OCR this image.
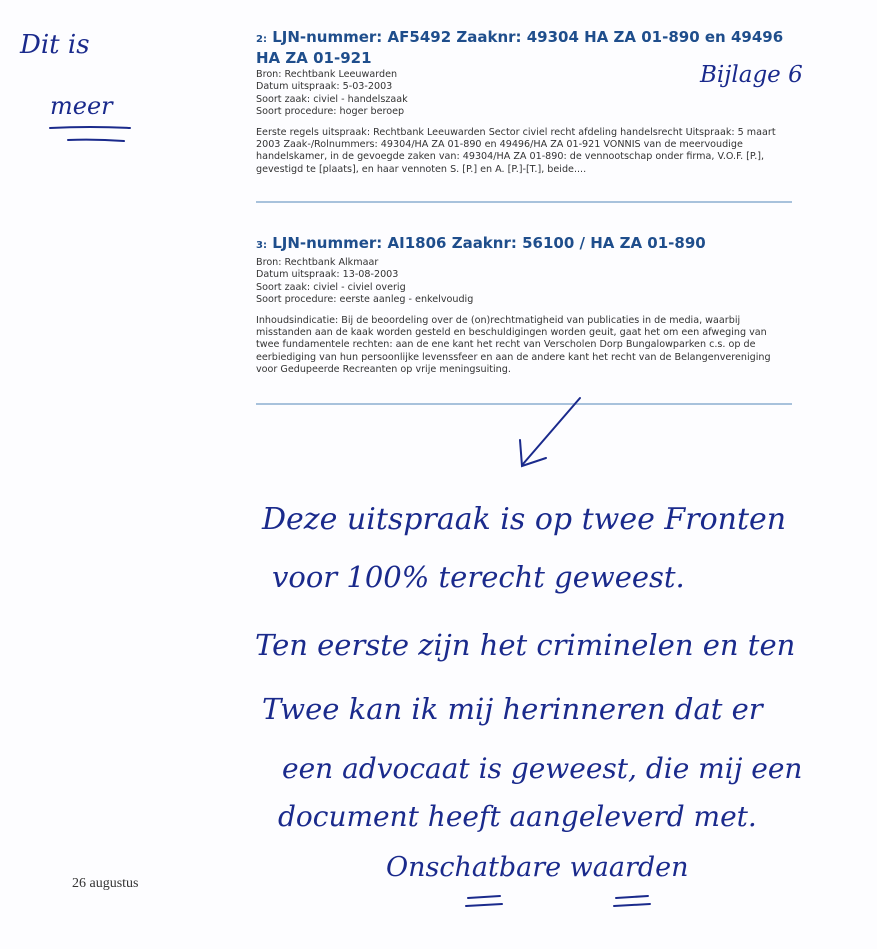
2: LJN-nummer: AF5492 Zaaknr: 49304 HA ZA 01-890 en 49496 HA ZA 01-921
Bron: Rechtbank Leeuwarden
Datum uitspraak: 5-03-2003
Soort zaak: civiel - handelszaak
Soort procedure: hoger beroep
Eerste regels uitspraak: Rechtbank Leeuwarden Sector civiel recht afdeling handelsrecht Uitspraak: 5 maart 2003 Zaak-/Rolnummers: 49304/HA ZA 01-890 en 49496/HA ZA 01-921 VONNIS van de meervoudige handelskamer, in de gevoegde zaken van: 49304/HA ZA 01-890: de vennootschap onder firma, V.O.F. [P.], gevestigd te [plaats], en haar vennoten S. [P.] en A. [P.]-[T.], beide....
3: LJN-nummer: AI1806 Zaaknr: 56100 / HA ZA 01-890
Bron: Rechtbank Alkmaar
Datum uitspraak: 13-08-2003
Soort zaak: civiel - civiel overig
Soort procedure: eerste aanleg - enkelvoudig
Inhoudsindicatie: Bij de beoordeling over de (on)rechtmatigheid van publicaties in de media, waarbij misstanden aan de kaak worden gesteld en beschuldigingen worden geuit, gaat het om een afweging van twee fundamentele rechten: aan de ene kant het recht van Verscholen Dorp Bungalowparken c.s. op de eerbiediging van hun persoonlijke levenssfeer en aan de andere kant het recht van de Belangenvereniging voor Gedupeerde Recreanten op vrije meningsuiting.
Dit is
meer
Bijlage 6
Deze uitspraak is op twee Fronten
voor 100% terecht geweest.
Ten eerste zijn het criminelen en ten
Twee kan ik mij herinneren dat er
een advocaat is geweest, die mij een
document heeft aangeleverd met.
Onschatbare waarden
26 augustus
